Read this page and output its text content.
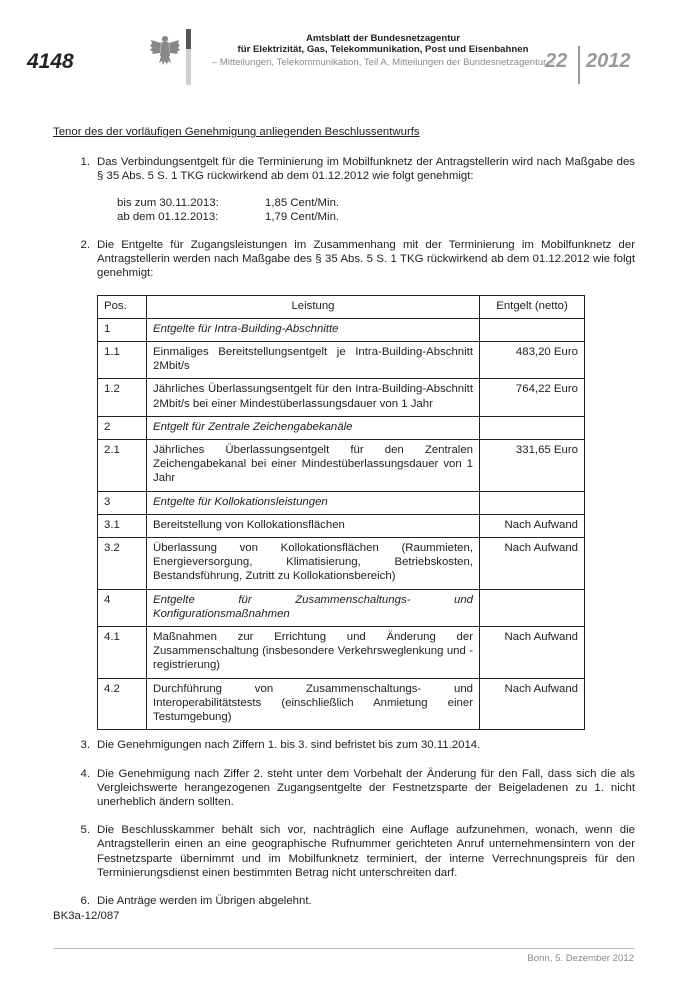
4148
Amtsblatt der Bundesnetzagentur
für Elektrizität, Gas, Telekommunikation, Post und Eisenbahnen
– Mitteilungen, Telekommunikation, Teil A, Mitteilungen der Bundesnetzagentur –
22 2012
Tenor des der vorläufigen Genehmigung anliegenden Beschlussentwurfs
1. Das Verbindungsentgelt für die Terminierung im Mobilfunknetz der Antragstellerin wird nach Maßgabe des § 35 Abs. 5 S. 1 TKG rückwirkend ab dem 01.12.2012 wie folgt genehmigt:
bis zum 30.11.2013:	1,85 Cent/Min.
ab dem 01.12.2013:	1,79 Cent/Min.
2. Die Entgelte für Zugangsleistungen im Zusammenhang mit der Terminierung im Mobilfunknetz der Antragstellerin werden nach Maßgabe des § 35 Abs. 5 S. 1 TKG rückwirkend ab dem 01.12.2012 wie folgt genehmigt:
Pos.	Leistung	Entgelt (netto)
1	Entgelte für Intra-Building-Abschnitte	
1.1	Einmaliges Bereitstellungsentgelt je Intra-Building-Abschnitt 2Mbit/s	483,20 Euro
1.2	Jährliches Überlassungsentgelt für den Intra-Building-Abschnitt 2Mbit/s bei einer Mindestüberlassungsdauer von 1 Jahr	764,22 Euro
2	Entgelt für Zentrale Zeichengabekanäle	
2.1	Jährliches Überlassungsentgelt für den Zentralen Zeichengabekanal bei einer Mindestüberlassungsdauer von 1 Jahr	331,65 Euro
3	Entgelte für Kollokationsleistungen	
3.1	Bereitstellung von Kollokationsflächen	Nach Aufwand
3.2	Überlassung von Kollokationsflächen (Raummieten, Energieversorgung, Klimatisierung, Betriebskosten, Bestandsführung, Zutritt zu Kollokationsbereich)	Nach Aufwand
4	Entgelte für Zusammenschaltungs- und Konfigurationsmaßnahmen	
4.1	Maßnahmen zur Errichtung und Änderung der Zusammenschaltung (insbesondere Verkehrsweglenkung und -registrierung)	Nach Aufwand
4.2	Durchführung von Zusammenschaltungs- und Interoperabilitätstests (einschließlich Anmietung einer Testumgebung)	Nach Aufwand
3. Die Genehmigungen nach Ziffern 1. bis 3. sind befristet bis zum 30.11.2014.
4. Die Genehmigung nach Ziffer 2. steht unter dem Vorbehalt der Änderung für den Fall, dass sich die als Vergleichswerte herangezogenen Zugangsentgelte der Festnetzsparte der Beigeladenen zu 1. nicht unerheblich ändern sollten.
5. Die Beschlusskammer behält sich vor, nachträglich eine Auflage aufzunehmen, wonach, wenn die Antragstellerin einen an eine geographische Rufnummer gerichteten Anruf unternehmensintern von der Festnetzsparte übernimmt und im Mobilfunknetz terminiert, der interne Verrechnungspreis für den Terminierungsdienst einen bestimmten Betrag nicht unterschreiten darf.
6. Die Anträge werden im Übrigen abgelehnt.
BK3a-12/087
Bonn, 5. Dezember 2012
